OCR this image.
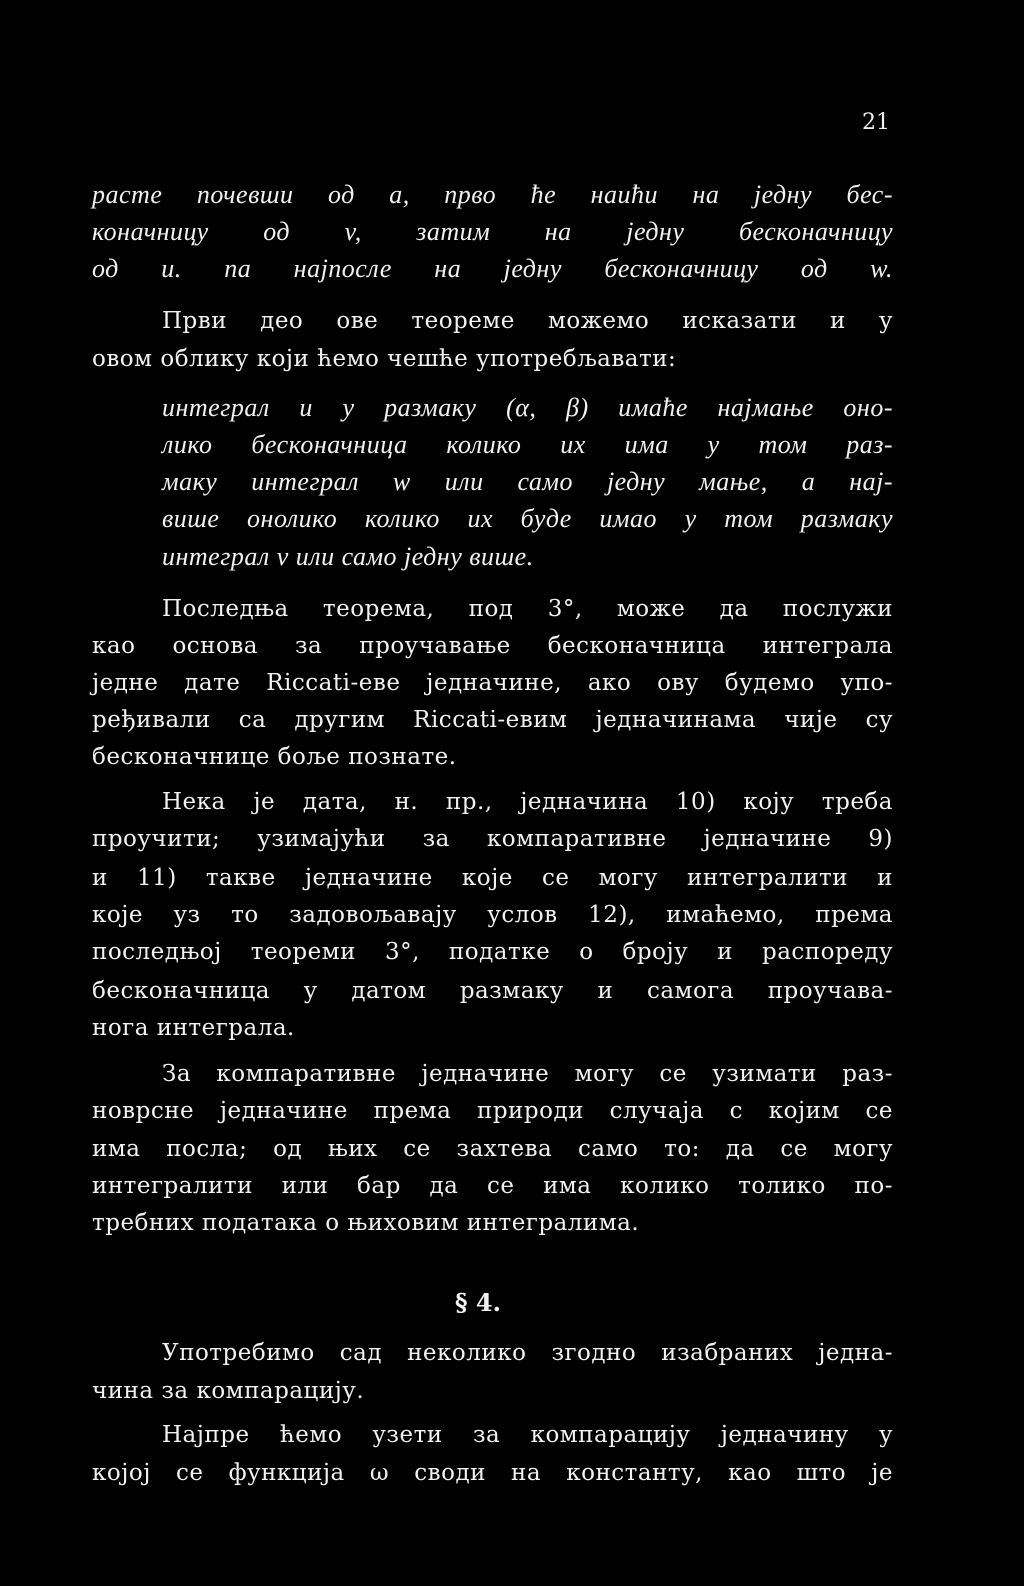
21
расте почевши од a, прво ће наићи на једну бес-
коначницу од v, затим на једну бесконачницу
од u. па најпосле на једну бесконачницу од w.
Први део ове теореме можемо исказати и у
овом облику који ћемо чешће употребљавати:
интеграл u у размаку (α, β) имаће најмање оно-
лико бесконачница колико их има у том раз-
маку интеграл w или само једну мање, а нај-
више онолико колико их буде имао у том размаку
интеграл v или само једну више.
Последња теорема, под 3°, може да послужи
као основа за проучавање бесконачница интеграла
једне дате Riccati-еве једначине, ако ову будемо упо-
ређивали са другим Riccati-евим једначинама чије су
бесконачнице боље познате.
Нека је дата, н. пр., једначина 10) коју треба
проучити; узимајући за компаративне једначине 9)
и 11) такве једначине које се могу интеграли​ти и
које уз то задовољавају услов 12), имаћемо, према
последњој теореми 3°, податке о броју и распореду
бесконачница у датом размаку и самога проучава-
нога интеграла.
За компаративне једначине могу се узимати раз-
новрсне једначине према природи случаја с којим се
има посла; од њих се захтева само то: да се могу
интегралити или бар да се има колико толико по-
требних података о њиховим интегралима.
§ 4.
Употребимо сад неколико згодно изабраних једна-
чина за компарацију.
Најпре ћемо узети за компарацију једначину у
којој се функција ω своди на константу, као што је
